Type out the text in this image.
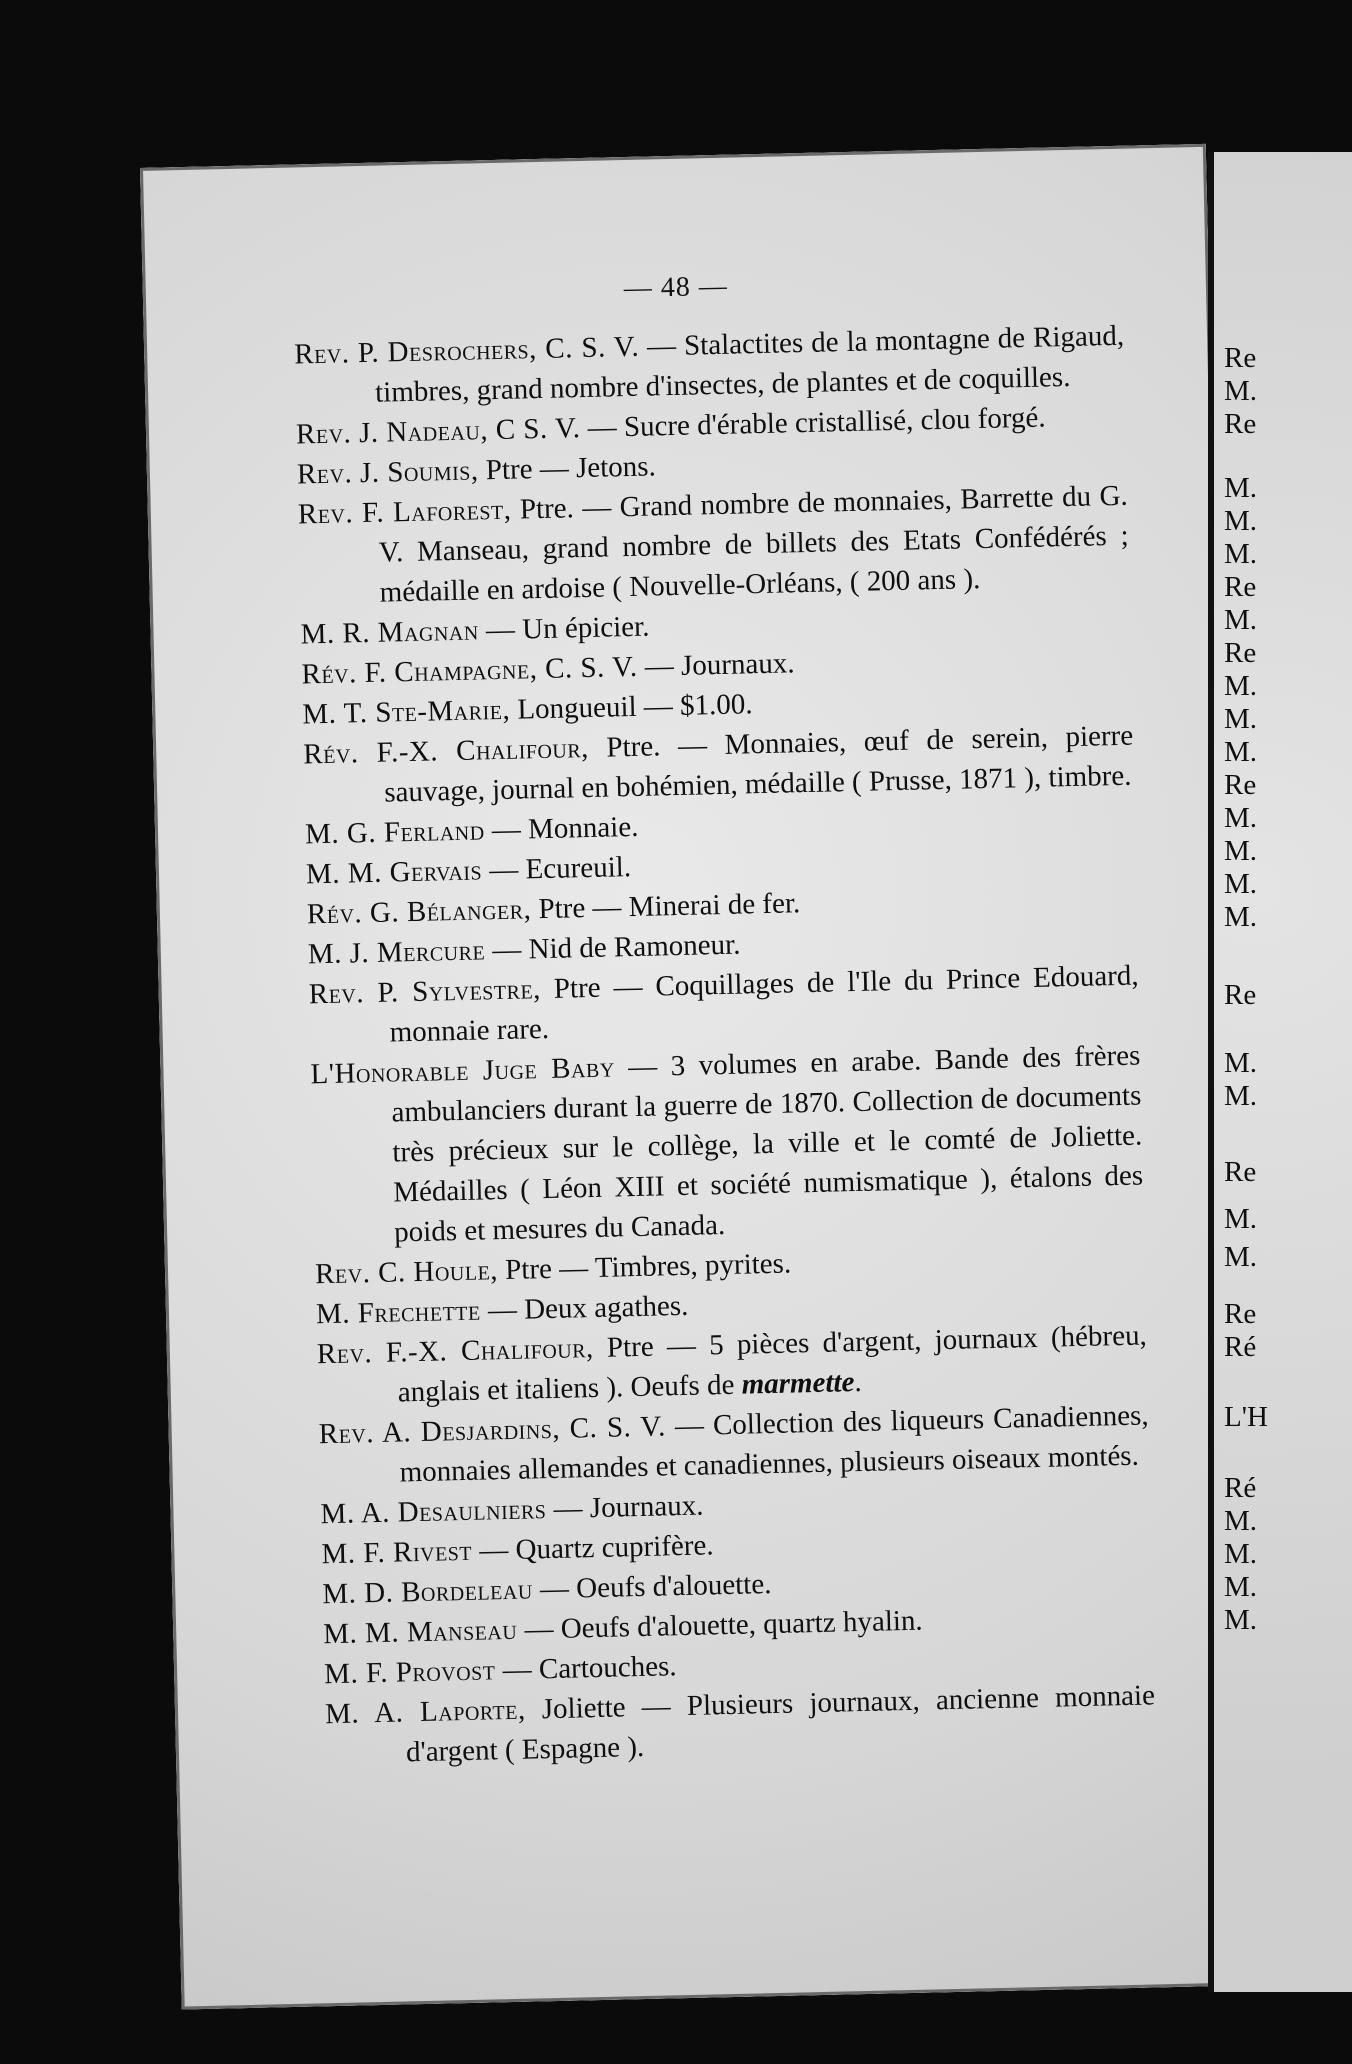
— 48 —
Rev. P. Desrochers, C. S. V. — Stalactites de la montagne de Rigaud, timbres, grand nombre d'insectes, de plantes et de coquilles.
Rev. J. Nadeau, C S. V. — Sucre d'érable cristallisé, clou forgé.
Rev. J. Soumis, Ptre — Jetons.
Rev. F. Laforest, Ptre. — Grand nombre de monnaies, Barrette du G. V. Manseau, grand nombre de billets des Etats Confédérés ; médaille en ardoise ( Nouvelle-Orléans, ( 200 ans ).
M. R. Magnan — Un épicier.
Rév. F. Champagne, C. S. V. — Journaux.
M. T. Ste-Marie, Longueuil — $1.00.
Rév. F.-X. Chalifour, Ptre. — Monnaies, œuf de serein, pierre sauvage, journal en bohémien, médaille ( Prusse, 1871 ), timbre.
M. G. Ferland — Monnaie.
M. M. Gervais — Ecureuil.
Rév. G. Bélanger, Ptre — Minerai de fer.
M. J. Mercure — Nid de Ramoneur.
Rev. P. Sylvestre, Ptre — Coquillages de l'Ile du Prince Edouard, monnaie rare.
L'Honorable Juge Baby — 3 volumes en arabe. Bande des frères ambulanciers durant la guerre de 1870. Collection de documents très précieux sur le collège, la ville et le comté de Joliette. Médailles ( Léon XIII et société numismatique ), étalons des poids et mesures du Canada.
Rev. C. Houle, Ptre — Timbres, pyrites.
M. Frechette — Deux agathes.
Rev. F.-X. Chalifour, Ptre — 5 pièces d'argent, journaux (hébreu, anglais et italiens ). Oeufs de marmette.
Rev. A. Desjardins, C. S. V. — Collection des liqueurs Canadiennes, monnaies allemandes et canadiennes, plusieurs oiseaux montés.
M. A. Desaulniers — Journaux.
M. F. Rivest — Quartz cuprifère.
M. D. Bordeleau — Oeufs d'alouette.
M. M. Manseau — Oeufs d'alouette, quartz hyalin.
M. F. Provost — Cartouches.
M. A. Laporte, Joliette — Plusieurs journaux, ancienne monnaie d'argent ( Espagne ).
Re
M.
Re
M.
M.
M.
Re
M.
Re
M.
M.
M.
Re
M.
M.
M.
M.
Re
M.
M.
Re
M.
M.
Re
Ré
L'H
Ré
M.
M.
M.
M.
